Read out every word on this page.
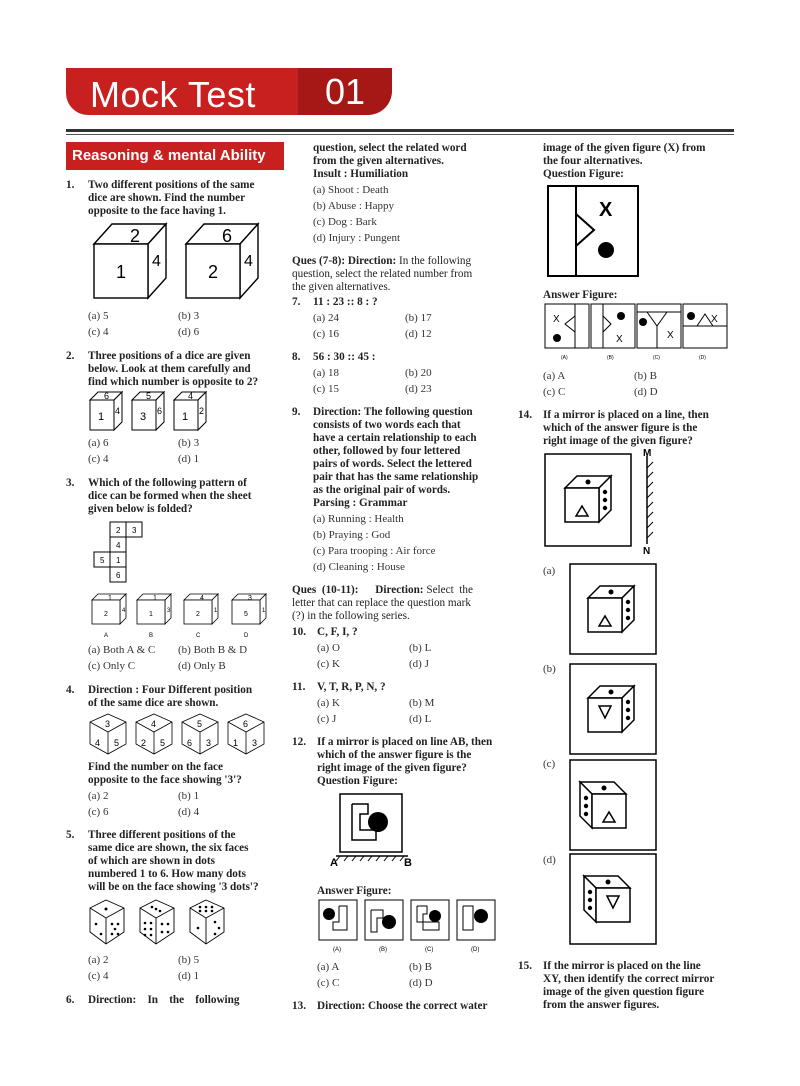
Mock Test	01
Reasoning & mental Ability
1. Two different positions of the same
dice are shown. Find the number
opposite to the face having 1.
2
1
4
6
2
4
(a) 5	(b) 3
(c) 4	(d) 6
2. Three positions of a dice are given
below. Look at them carefully and
find which number is opposite to 2?
6
1 4
5
3 6
4
1 2
(a) 6	(b) 3
(c) 4	(d) 1
3. Which of the following pattern of
dice can be formed when the sheet
given below is folded?
2 3
4
5 1
6
1
2 4
A
1
1 3
B
4
2 1
C
3
5 1
D
(a) Both A & C (b) Both B & D
(c) Only C	(d) Only B
4. Direction : Four Different position
of the same dice are shown.
3
4 5
4
2 5
5
6 3
6
1 3
Find the number on the face
opposite to the face showing '3'?
(a) 2	(b) 1
(c) 6	(d) 4
5. Three different positions of the
same dice are shown, the six faces
of which are shown in dots
numbered 1 to 6. How many dots
will be on the face showing '3 dots'?
(a) 2	(b) 5
(c) 4	(d) 1
6. Direction:    In    the    following
question, select the related word
from the given alternatives.
Insult : Humiliation
(a) Shoot : Death
(b) Abuse : Happy
(c) Dog : Bark
(d) Injury : Pungent
Ques (7-8): Direction: In the following
question, select the related number from
the given alternatives.
7. 11 : 23 :: 8 : ?
(a) 24	(b) 17
(c) 16	(d) 12
8. 56 : 30 :: 45 :
(a) 18	(b) 20
(c) 15	(d) 23
9. Direction: The following question
consists of two words each that
have a certain relationship to each
other, followed by four lettered
pairs of words. Select the lettered
pair that has the same relationship
as the original pair of words.
Parsing : Grammar
(a) Running : Health
(b) Praying : God
(c) Para trooping : Air force
(d) Cleaning : House
Ques  (10-11):      Direction: Select  the
letter that can replace the question mark
(?) in the following series.
10. C, F, I, ?
(a) O	(b) L
(c) K	(d) J
11. V, T, R, P, N, ?
(a) K	(b) M
(c) J	(d) L
12. If a mirror is placed on line AB, then
which of the answer figure is the
right image of the given figure?
Question Figure:
A	B
Answer Figure:
(A)	(B)	(C)	(D)
(a) A	(b) B
(c) C	(d) D
13. Direction: Choose the correct water
image of the given figure (X) from
the four alternatives.
Question Figure:
X
Answer Figure:
X
(A)
X
(B)
X
(C)
X
(D)
(a) A	(b) B
(c) C	(d) D
14. If a mirror is placed on a line, then
which of the answer figure is the
right image of the given figure?
M
N
(a)
(b)
(c)
(d)
15. If the mirror is placed on the line
XY, then identify the correct mirror
image of the given question figure
from the answer figures.
